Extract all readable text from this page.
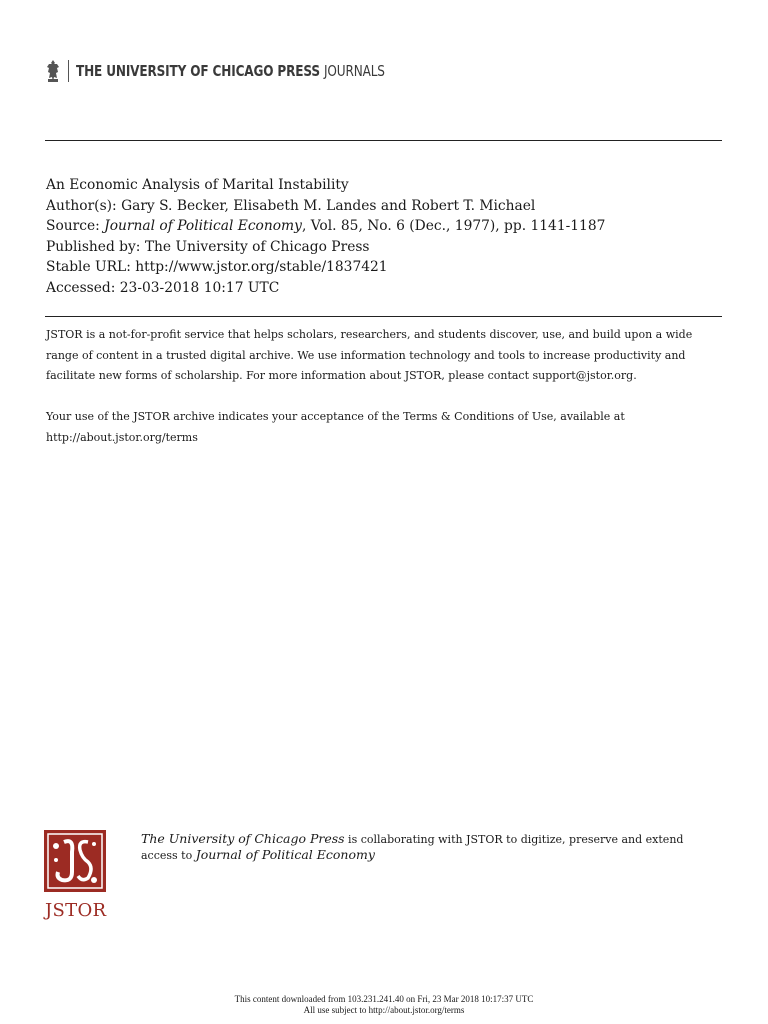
THE UNIVERSITY OF CHICAGO PRESS JOURNALS
An Economic Analysis of Marital Instability
Author(s): Gary S. Becker, Elisabeth M. Landes and Robert T. Michael
Source: Journal of Political Economy, Vol. 85, No. 6 (Dec., 1977), pp. 1141-1187
Published by: The University of Chicago Press
Stable URL: http://www.jstor.org/stable/1837421
Accessed: 23-03-2018 10:17 UTC

JSTOR is a not-for-profit service that helps scholars, researchers, and students discover, use, and build upon a wide range of content in a trusted digital archive. We use information technology and tools to increase productivity and facilitate new forms of scholarship. For more information about JSTOR, please contact support@jstor.org.

Your use of the JSTOR archive indicates your acceptance of the Terms & Conditions of Use, available at
http://about.jstor.org/terms

JSTOR
The University of Chicago Press is collaborating with JSTOR to digitize, preserve and extend access to Journal of Political Economy
This content downloaded from 103.231.241.40 on Fri, 23 Mar 2018 10:17:37 UTC
All use subject to http://about.jstor.org/terms
